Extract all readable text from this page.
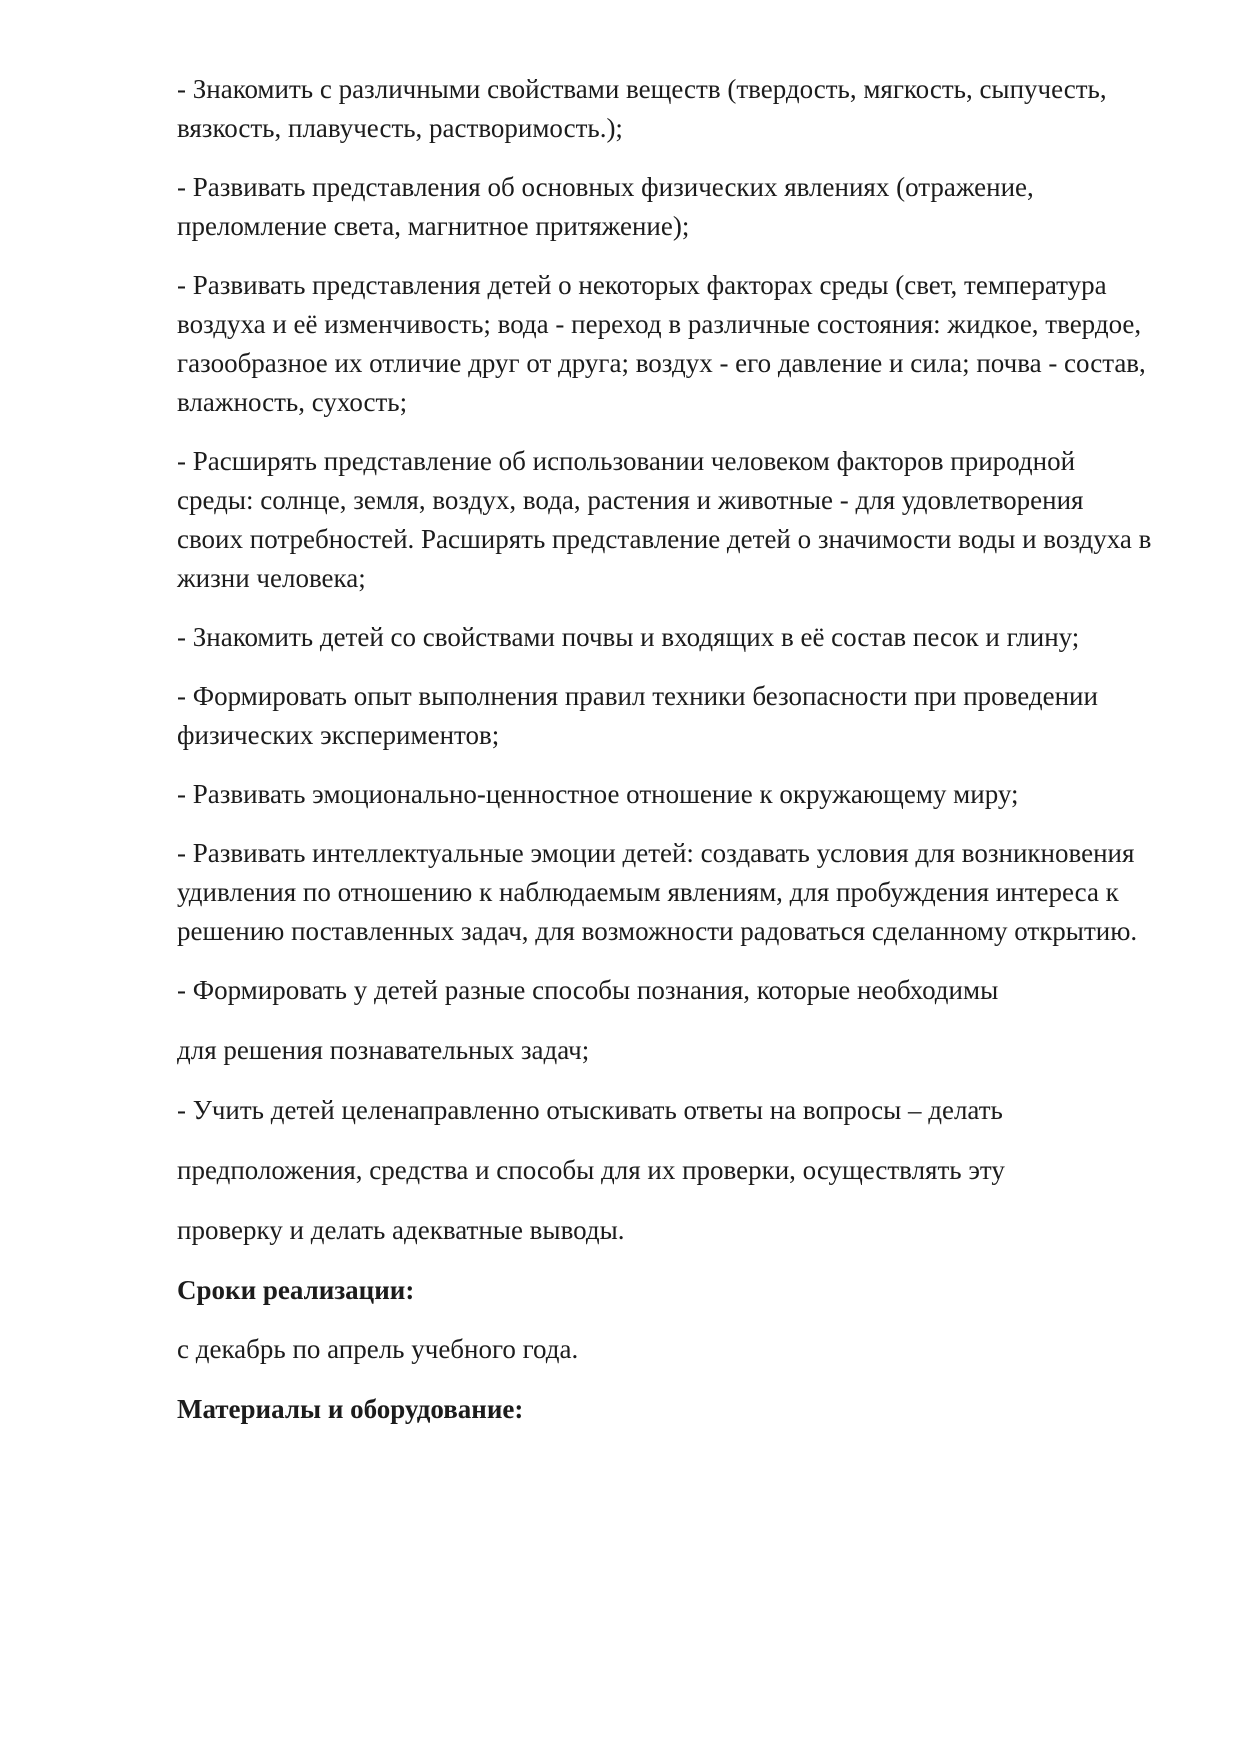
- Знакомить с различными свойствами веществ (твердость, мягкость, сыпучесть, вязкость, плавучесть, растворимость.);

- Развивать представления об основных физических явлениях (отражение, преломление света, магнитное притяжение);

- Развивать представления детей о некоторых факторах среды (свет, температура воздуха и её изменчивость; вода - переход в различные состояния: жидкое, твердое, газообразное их отличие друг от друга; воздух - его давление и сила; почва - состав, влажность, сухость;

- Расширять представление об использовании человеком факторов природной среды: солнце, земля, воздух, вода, растения и животные - для удовлетворения своих потребностей. Расширять представление детей о значимости воды и воздуха в жизни человека;

- Знакомить детей со свойствами почвы и входящих в её состав песок и глину;

- Формировать опыт выполнения правил техники безопасности при проведении физических экспериментов;

- Развивать эмоционально-ценностное отношение к окружающему миру;

- Развивать интеллектуальные эмоции детей: создавать условия для возникновения удивления по отношению к наблюдаемым явлениям, для пробуждения интереса к решению поставленных задач, для возможности радоваться сделанному открытию.

- Формировать у детей разные способы познания, которые необходимы

для решения познавательных задач;

- Учить детей целенаправленно отыскивать ответы на вопросы – делать

предположения, средства и способы для их проверки, осуществлять эту

проверку и делать адекватные выводы.

Сроки реализации:

с декабрь по апрель учебного года.

Материалы и оборудование:
